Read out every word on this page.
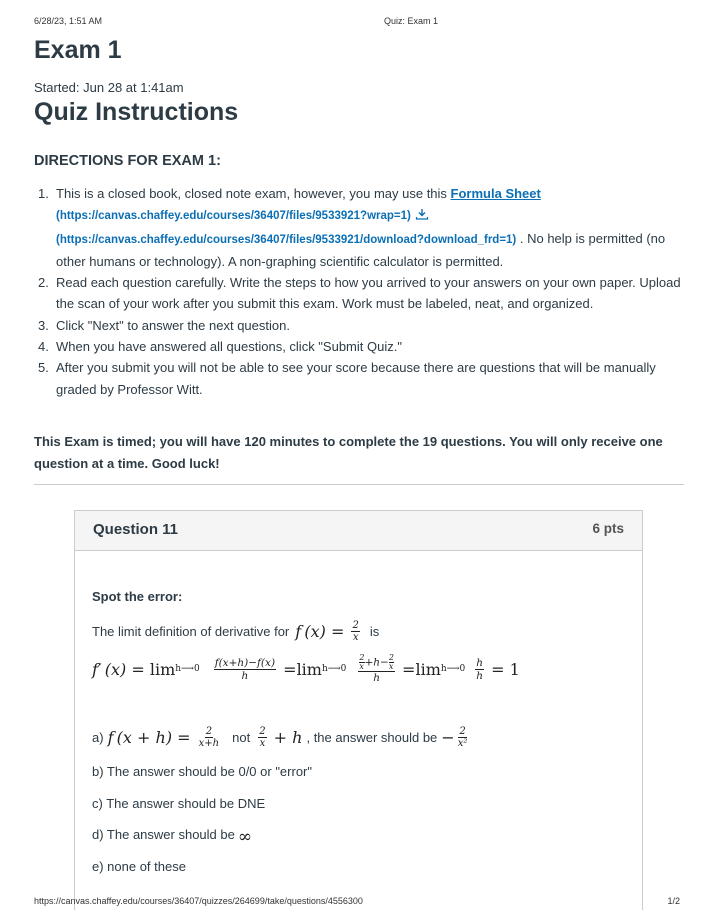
6/28/23, 1:51 AM	Quiz: Exam 1
Exam 1
Started: Jun 28 at 1:41am
Quiz Instructions
DIRECTIONS FOR EXAM 1:
1. This is a closed book, closed note exam, however, you may use this Formula Sheet
(https://canvas.chaffey.edu/courses/36407/files/9533921?wrap=1)

(https://canvas.chaffey.edu/courses/36407/files/9533921/download?download_frd=1) . No help is permitted (no other humans or technology). A non-graphing scientific calculator is permitted.
2. Read each question carefully. Write the steps to how you arrived to your answers on your own paper. Upload the scan of your work after you submit this exam. Work must be labeled, neat, and organized.
3. Click "Next" to answer the next question.
4. When you have answered all questions, click "Submit Quiz."
5. After you submit you will not be able to see your score because there are questions that will be manually graded by Professor Witt.

This Exam is timed; you will have 120 minutes to complete the 19 questions. You will only receive one question at a time. Good luck!

Question 11	6 pts
Spot the error:
The limit definition of derivative for f $(x) = \frac{2}{x}$ is
f′ (x) = lim h⟶0 $\frac{f(x+h)-f(x)}{h} = \lim$ h⟶0 $\frac{\frac{2}{x} +h- \frac{2}{x}}{h} = \lim$ h⟶0 $\frac{h}{h} = 1$
a) f $(x + h) = \frac{2}{x+h}$ not $\frac{2}{x} + h$ , the answer should be − $\frac{2}{\text{x²}}$
b) The answer should be 0/0 or "error"
c) The answer should be DNE
d) The answer should be ∞
e) none of these
https://canvas.chaffey.edu/courses/36407/quizzes/264699/take/questions/4556300	1/2
